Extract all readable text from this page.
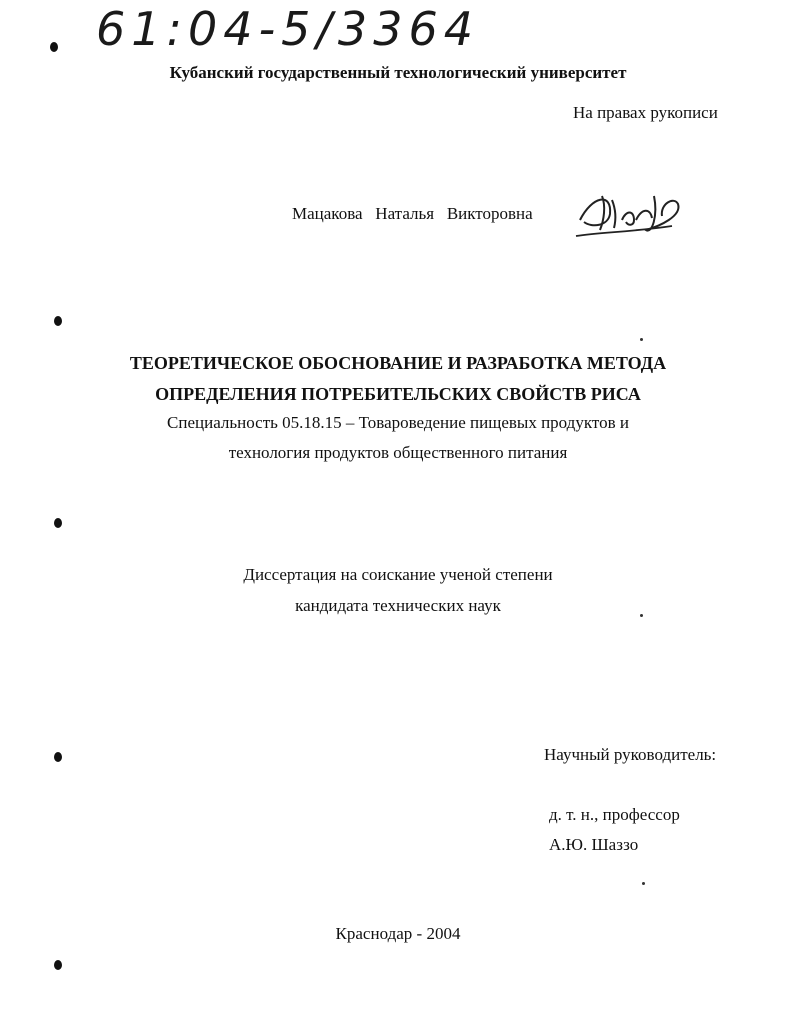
61:04-5/3364
Кубанский государственный технологический университет
На правах рукописи
Мацакова   Наталья   Викторовна
ТЕОРЕТИЧЕСКОЕ ОБОСНОВАНИЕ И РАЗРАБОТКА МЕТОДА
ОПРЕДЕЛЕНИЯ ПОТРЕБИТЕЛЬСКИХ СВОЙСТВ РИСА
Специальность 05.18.15 – Товароведение пищевых продуктов и
технология продуктов общественного питания
Диссертация на соискание ученой степени
кандидата технических наук
Научный руководитель:
д. т. н., профессор
А.Ю. Шаззо
Краснодар - 2004
